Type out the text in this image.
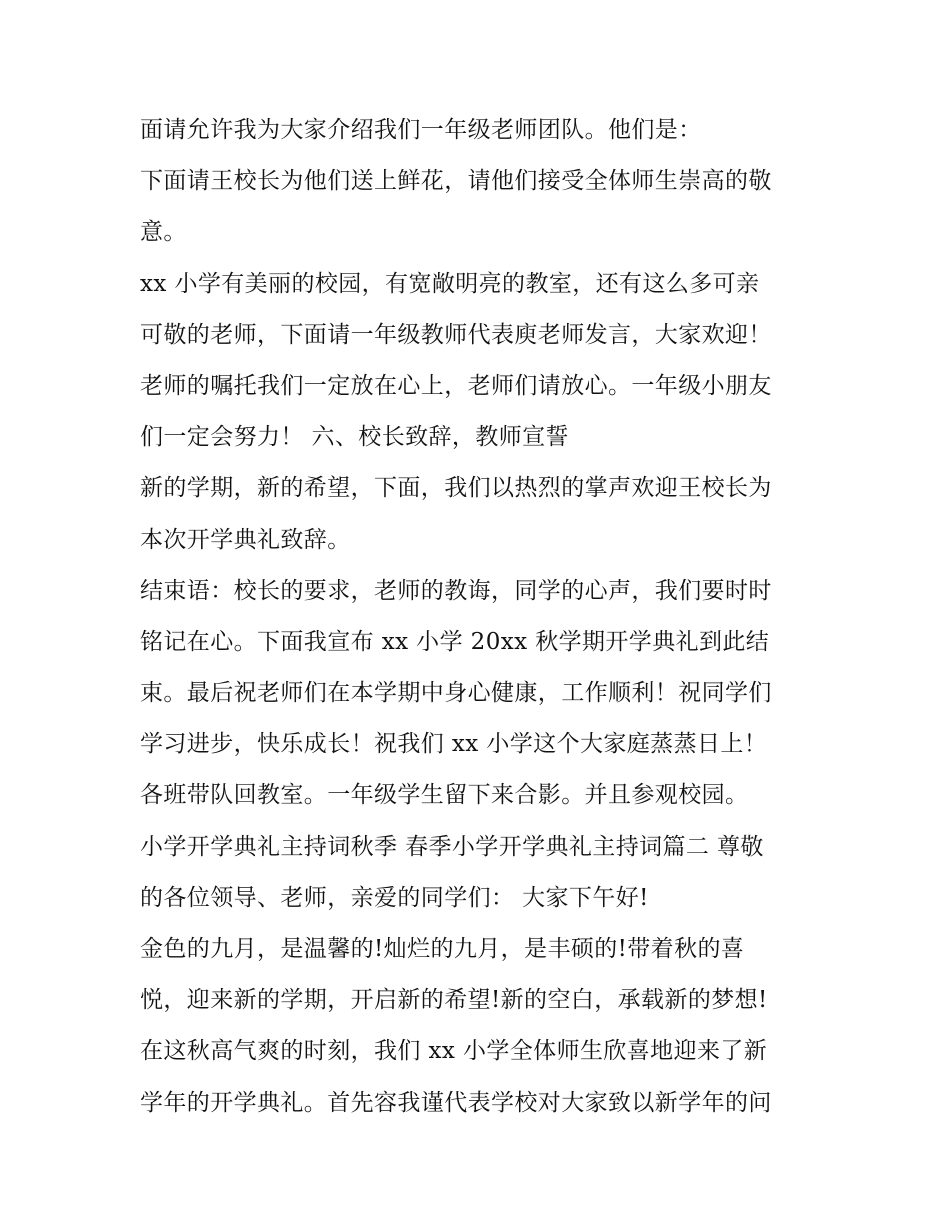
面请允许我为大家介绍我们一年级老师团队。他们是：
下面请王校长为他们送上鲜花，请他们接受全体师生崇高的敬
意。
xx 小学有美丽的校园，有宽敞明亮的教室，还有这么多可亲
可敬的老师，下面请一年级教师代表庾老师发言，大家欢迎！
老师的嘱托我们一定放在心上，老师们请放心。一年级小朋友
们一定会努力！ 六、校长致辞，教师宣誓
新的学期，新的希望，下面，我们以热烈的掌声欢迎王校长为
本次开学典礼致辞。
结束语：校长的要求，老师的教诲，同学的心声，我们要时时
铭记在心。下面我宣布 xx 小学 20xx 秋学期开学典礼到此结
束。最后祝老师们在本学期中身心健康，工作顺利！祝同学们
学习进步，快乐成长！祝我们 xx 小学这个大家庭蒸蒸日上！
各班带队回教室。一年级学生留下来合影。并且参观校园。
小学开学典礼主持词秋季 春季小学开学典礼主持词篇二 尊敬
的各位领导、老师，亲爱的同学们： 大家下午好!
金色的九月，是温馨的!灿烂的九月，是丰硕的!带着秋的喜
悦，迎来新的学期，开启新的希望!新的空白，承载新的梦想!
在这秋高气爽的时刻，我们 xx 小学全体师生欣喜地迎来了新
学年的开学典礼。首先容我谨代表学校对大家致以新学年的问
